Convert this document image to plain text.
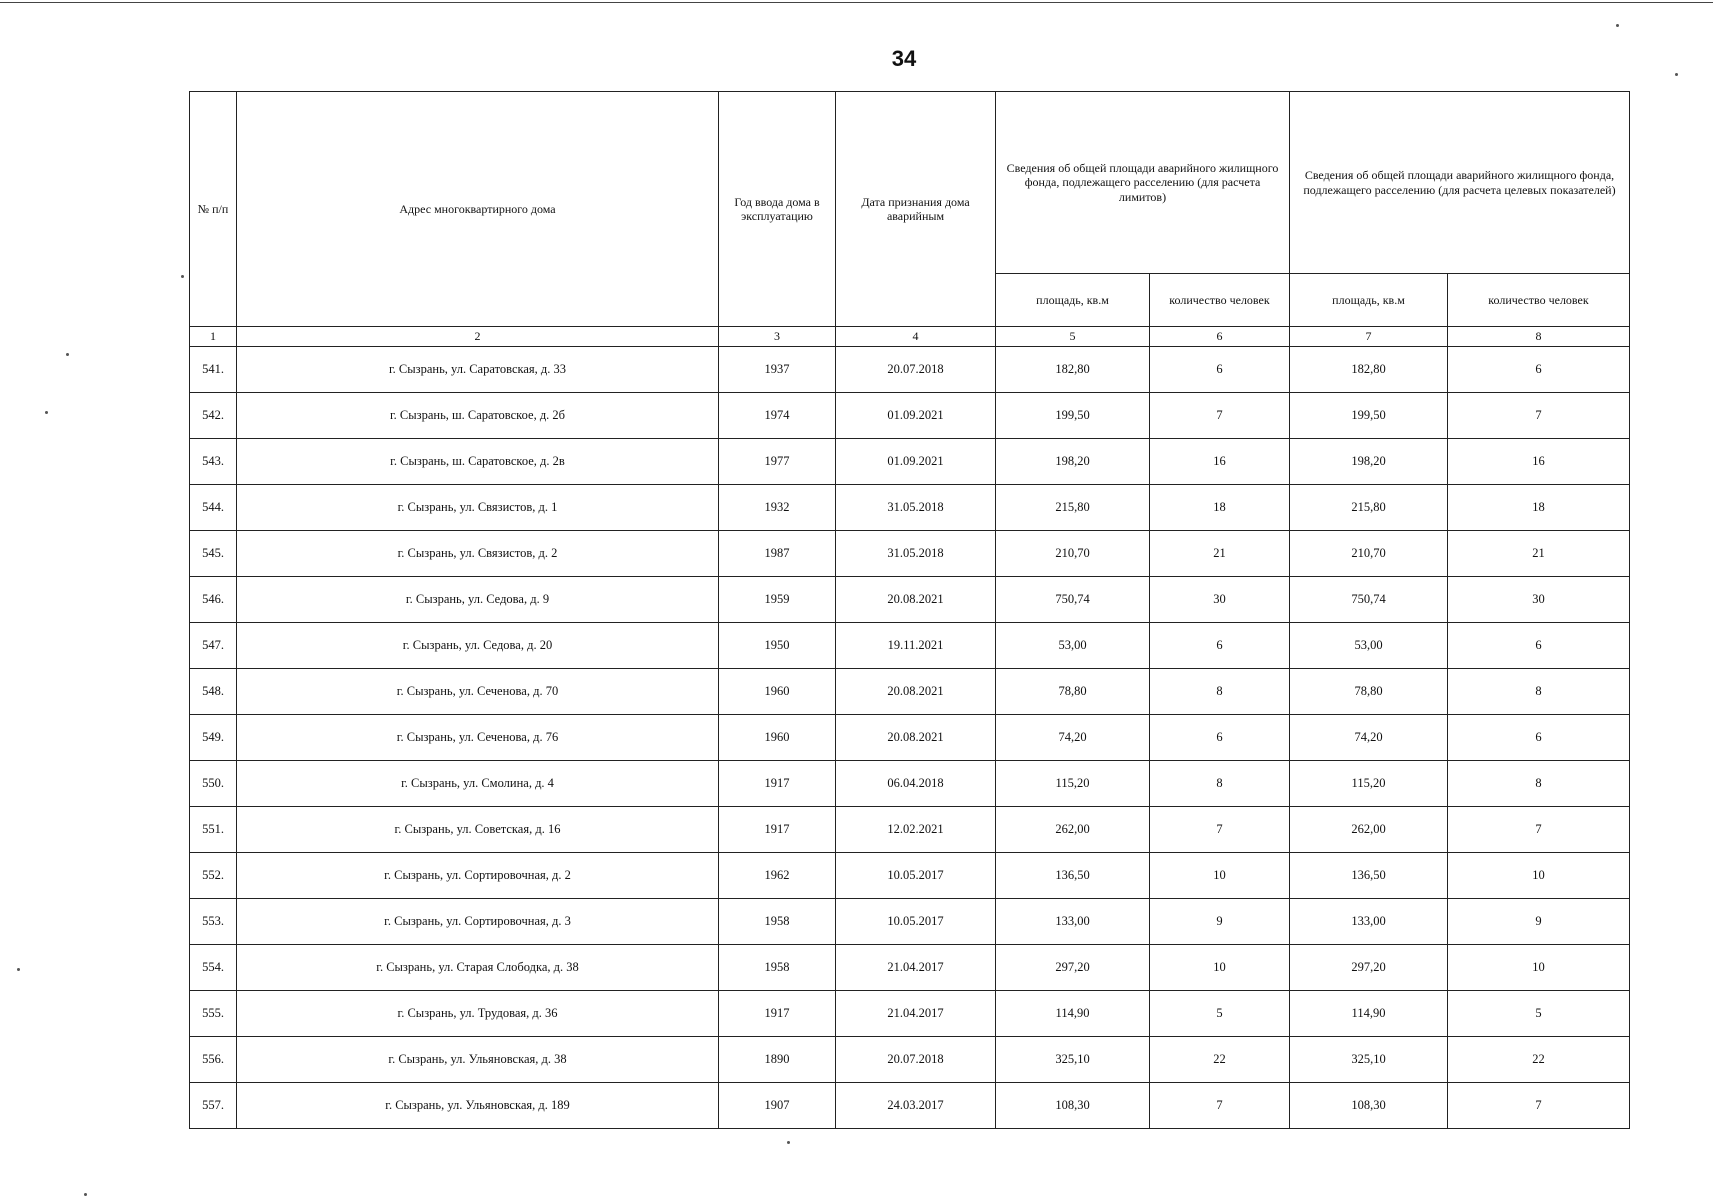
34
№ п/п	Адрес многоквартирного дома	Год ввода дома в эксплуатацию	Дата признания дома аварийным	Сведения об общей площади аварийного жилищного фонда, подлежащего расселению (для расчета лимитов)		Сведения об общей площади аварийного жилищного фонда, подлежащего расселению (для расчета целевых показателей)	
				площадь, кв.м	количество человек	площадь, кв.м	количество человек
1	2	3	4	5	6	7	8
541.	г. Сызрань, ул. Саратовская, д. 33	1937	20.07.2018	182,80	6	182,80	6
542.	г. Сызрань, ш. Саратовское, д. 2б	1974	01.09.2021	199,50	7	199,50	7
543.	г. Сызрань, ш. Саратовское, д. 2в	1977	01.09.2021	198,20	16	198,20	16
544.	г. Сызрань, ул. Связистов, д. 1	1932	31.05.2018	215,80	18	215,80	18
545.	г. Сызрань, ул. Связистов, д. 2	1987	31.05.2018	210,70	21	210,70	21
546.	г. Сызрань, ул. Седова, д. 9	1959	20.08.2021	750,74	30	750,74	30
547.	г. Сызрань, ул. Седова, д. 20	1950	19.11.2021	53,00	6	53,00	6
548.	г. Сызрань, ул. Сеченова, д. 70	1960	20.08.2021	78,80	8	78,80	8
549.	г. Сызрань, ул. Сеченова, д. 76	1960	20.08.2021	74,20	6	74,20	6
550.	г. Сызрань, ул. Смолина, д. 4	1917	06.04.2018	115,20	8	115,20	8
551.	г. Сызрань, ул. Советская, д. 16	1917	12.02.2021	262,00	7	262,00	7
552.	г. Сызрань, ул. Сортировочная, д. 2	1962	10.05.2017	136,50	10	136,50	10
553.	г. Сызрань, ул. Сортировочная, д. 3	1958	10.05.2017	133,00	9	133,00	9
554.	г. Сызрань, ул. Старая Слободка, д. 38	1958	21.04.2017	297,20	10	297,20	10
555.	г. Сызрань, ул. Трудовая, д. 36	1917	21.04.2017	114,90	5	114,90	5
556.	г. Сызрань, ул. Ульяновская, д. 38	1890	20.07.2018	325,10	22	325,10	22
557.	г. Сызрань, ул. Ульяновская, д. 189	1907	24.03.2017	108,30	7	108,30	7
